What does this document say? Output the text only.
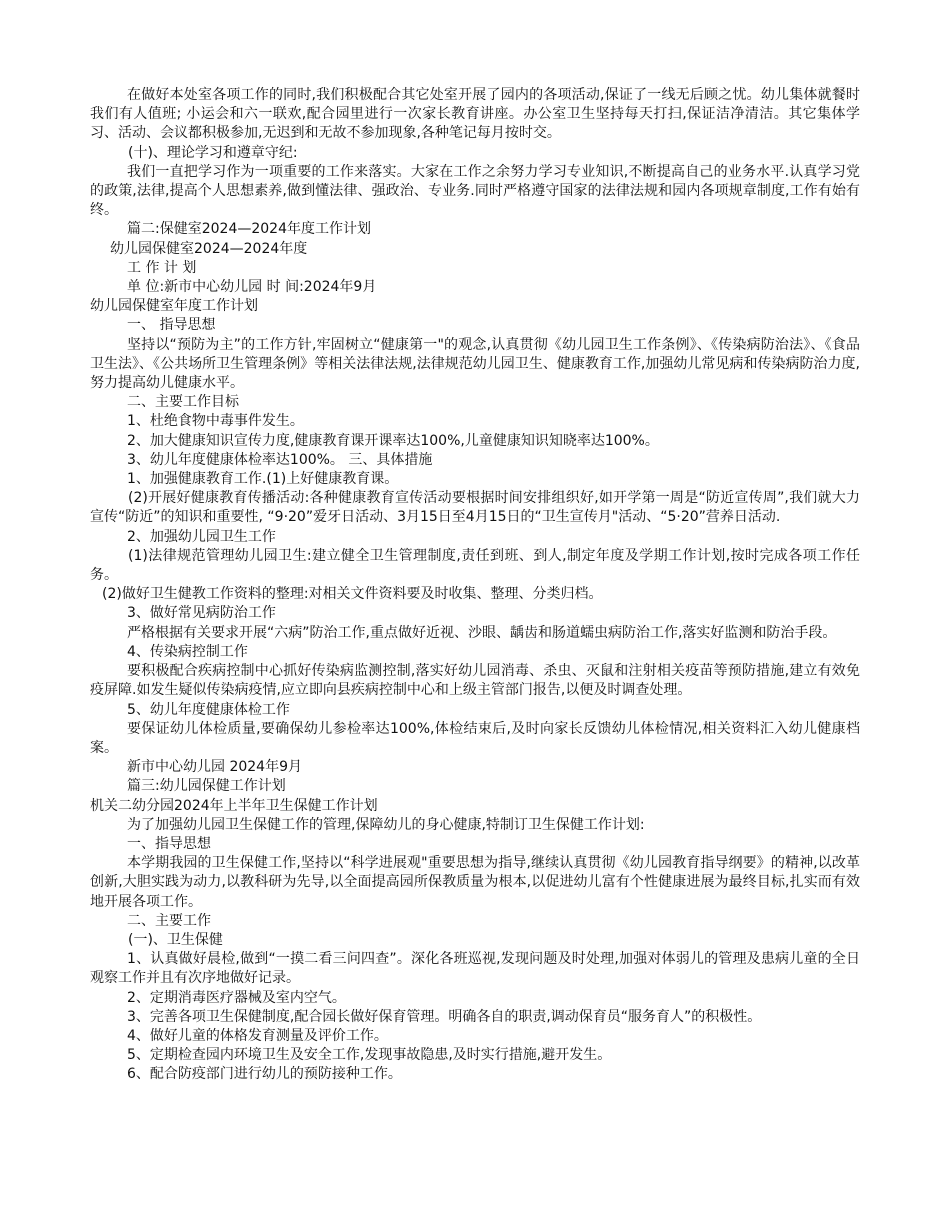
在做好本处室各项工作的同时,我们积极配合其它处室开展了园内的各项活动,保证了一线无后顾之忧。幼儿集体就餐时我们有人值班; 小运会和六一联欢,配合园里进行一次家长教育讲座。办公室卫生坚持每天打扫,保证洁净清洁。其它集体学习、活动、会议都积极参加,无迟到和无故不参加现象,各种笔记每月按时交。

(十)、理论学习和遵章守纪:

我们一直把学习作为一项重要的工作来落实。大家在工作之余努力学习专业知识,不断提高自己的业务水平.认真学习党的政策,法律,提高个人思想素养,做到懂法律、强政治、专业务.同时严格遵守国家的法律法规和园内各项规章制度,工作有始有终。

篇二:保健室2024—2024年度工作计划

幼儿园保健室2024—2024年度

工 作 计 划

单 位:新市中心幼儿园 时 间:2024年9月

幼儿园保健室年度工作计划

一、 指导思想

坚持以“预防为主”的工作方针,牢固树立“健康第一"的观念,认真贯彻《幼儿园卫生工作条例》、《传染病防治法》、《食品卫生法》、《公共场所卫生管理条例》等相关法律法规,法律规范幼儿园卫生、健康教育工作,加强幼儿常见病和传染病防治力度,努力提高幼儿健康水平。

二、主要工作目标

1、杜绝食物中毒事件发生。

2、加大健康知识宣传力度,健康教育课开课率达100%,儿童健康知识知晓率达100%。

3、幼儿年度健康体检率达100%。 三、具体措施

1、加强健康教育工作.(1)上好健康教育课。

(2)开展好健康教育传播活动:各种健康教育宣传活动要根据时间安排组织好,如开学第一周是“防近宣传周”,我们就大力宣传“防近”的知识和重要性, “9·20”爱牙日活动、3月15日至4月15日的“卫生宣传月"活动、“5·20”营养日活动.

2、加强幼儿园卫生工作

(1)法律规范管理幼儿园卫生:建立健全卫生管理制度,责任到班、到人,制定年度及学期工作计划,按时完成各项工作任务。

(2)做好卫生健教工作资料的整理:对相关文件资料要及时收集、整理、分类归档。

3、做好常见病防治工作

严格根据有关要求开展“六病”防治工作,重点做好近视、沙眼、龋齿和肠道蠕虫病防治工作,落实好监测和防治手段。

4、传染病控制工作

要积极配合疾病控制中心抓好传染病监测控制,落实好幼儿园消毒、杀虫、灭鼠和注射相关疫苗等预防措施,建立有效免疫屏障.如发生疑似传染病疫情,应立即向县疾病控制中心和上级主管部门报告,以便及时调查处理。

5、幼儿年度健康体检工作

要保证幼儿体检质量,要确保幼儿参检率达100%,体检结束后,及时向家长反馈幼儿体检情况,相关资料汇入幼儿健康档案。

新市中心幼儿园 2024年9月

篇三:幼儿园保健工作计划

机关二幼分园2024年上半年卫生保健工作计划

为了加强幼儿园卫生保健工作的管理,保障幼儿的身心健康,特制订卫生保健工作计划:

一、指导思想

本学期我园的卫生保健工作,坚持以“科学进展观"重要思想为指导,继续认真贯彻《幼儿园教育指导纲要》的精神,以改革创新,大胆实践为动力,以教科研为先导,以全面提高园所保教质量为根本,以促进幼儿富有个性健康进展为最终目标,扎实而有效地开展各项工作。

二、主要工作

(一)、卫生保健

1、认真做好晨检,做到“一摸二看三问四查”。深化各班巡视,发现问题及时处理,加强对体弱儿的管理及患病儿童的全日观察工作并且有次序地做好记录。

2、定期消毒医疗器械及室内空气。

3、完善各项卫生保健制度,配合园长做好保育管理。明确各自的职责,调动保育员“服务育人”的积极性。

4、做好儿童的体格发育测量及评价工作。

5、定期检查园内环境卫生及安全工作,发现事故隐患,及时实行措施,避开发生。

6、配合防疫部门进行幼儿的预防接种工作。
